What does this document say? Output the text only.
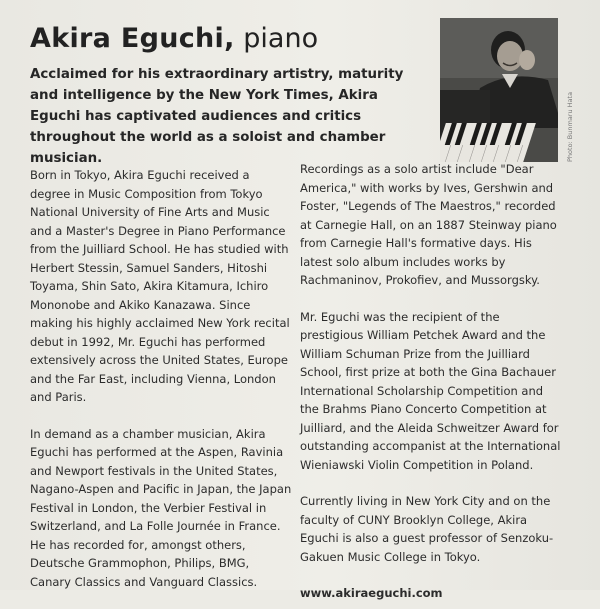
Akira Eguchi, piano

Acclaimed for his extraordinary artistry, maturity and intelligence by the New York Times, Akira Eguchi has captivated audiences and critics throughout the world as a soloist and chamber musician.	Photo: Bunmaru Hata

Born in Tokyo, Akira Eguchi received a degree in Music Composition from Tokyo National University of Fine Arts and Music and a Master's Degree in Piano Performance from the Juilliard School. He has studied with Herbert Stessin, Samuel Sanders, Hitoshi Toyama, Shin Sato, Akira Kitamura, Ichiro Mononobe and Akiko Kanazawa. Since making his highly acclaimed New York recital debut in 1992, Mr. Eguchi has performed extensively across the United States, Europe and the Far East, including Vienna, London and Paris.

In demand as a chamber musician, Akira Eguchi has performed at the Aspen, Ravinia and Newport festivals in the United States, Nagano-Aspen and Pacific in Japan, the Japan Festival in London, the Verbier Festival in Switzerland, and La Folle Journée in France. He has recorded for, amongst others, Deutsche Grammophon, Philips, BMG, Canary Classics and Vanguard Classics.

Recordings as a solo artist include "Dear America," with works by Ives, Gershwin and Foster, "Legends of The Maestros," recorded at Carnegie Hall, on an 1887 Steinway piano from Carnegie Hall's formative days. His latest solo album includes works by Rachmaninov, Prokofiev, and Mussorgsky.

Mr. Eguchi was the recipient of the prestigious William Petchek Award and the William Schuman Prize from the Juilliard School, first prize at both the Gina Bachauer International Scholarship Competition and the Brahms Piano Concerto Competition at Juilliard, and the Aleida Schweitzer Award for outstanding accompanist at the International Wieniawski Violin Competition in Poland.

Currently living in New York City and on the faculty of CUNY Brooklyn College, Akira Eguchi is also a guest professor of Senzoku-Gakuen Music College in Tokyo.

www.akiraeguchi.com
